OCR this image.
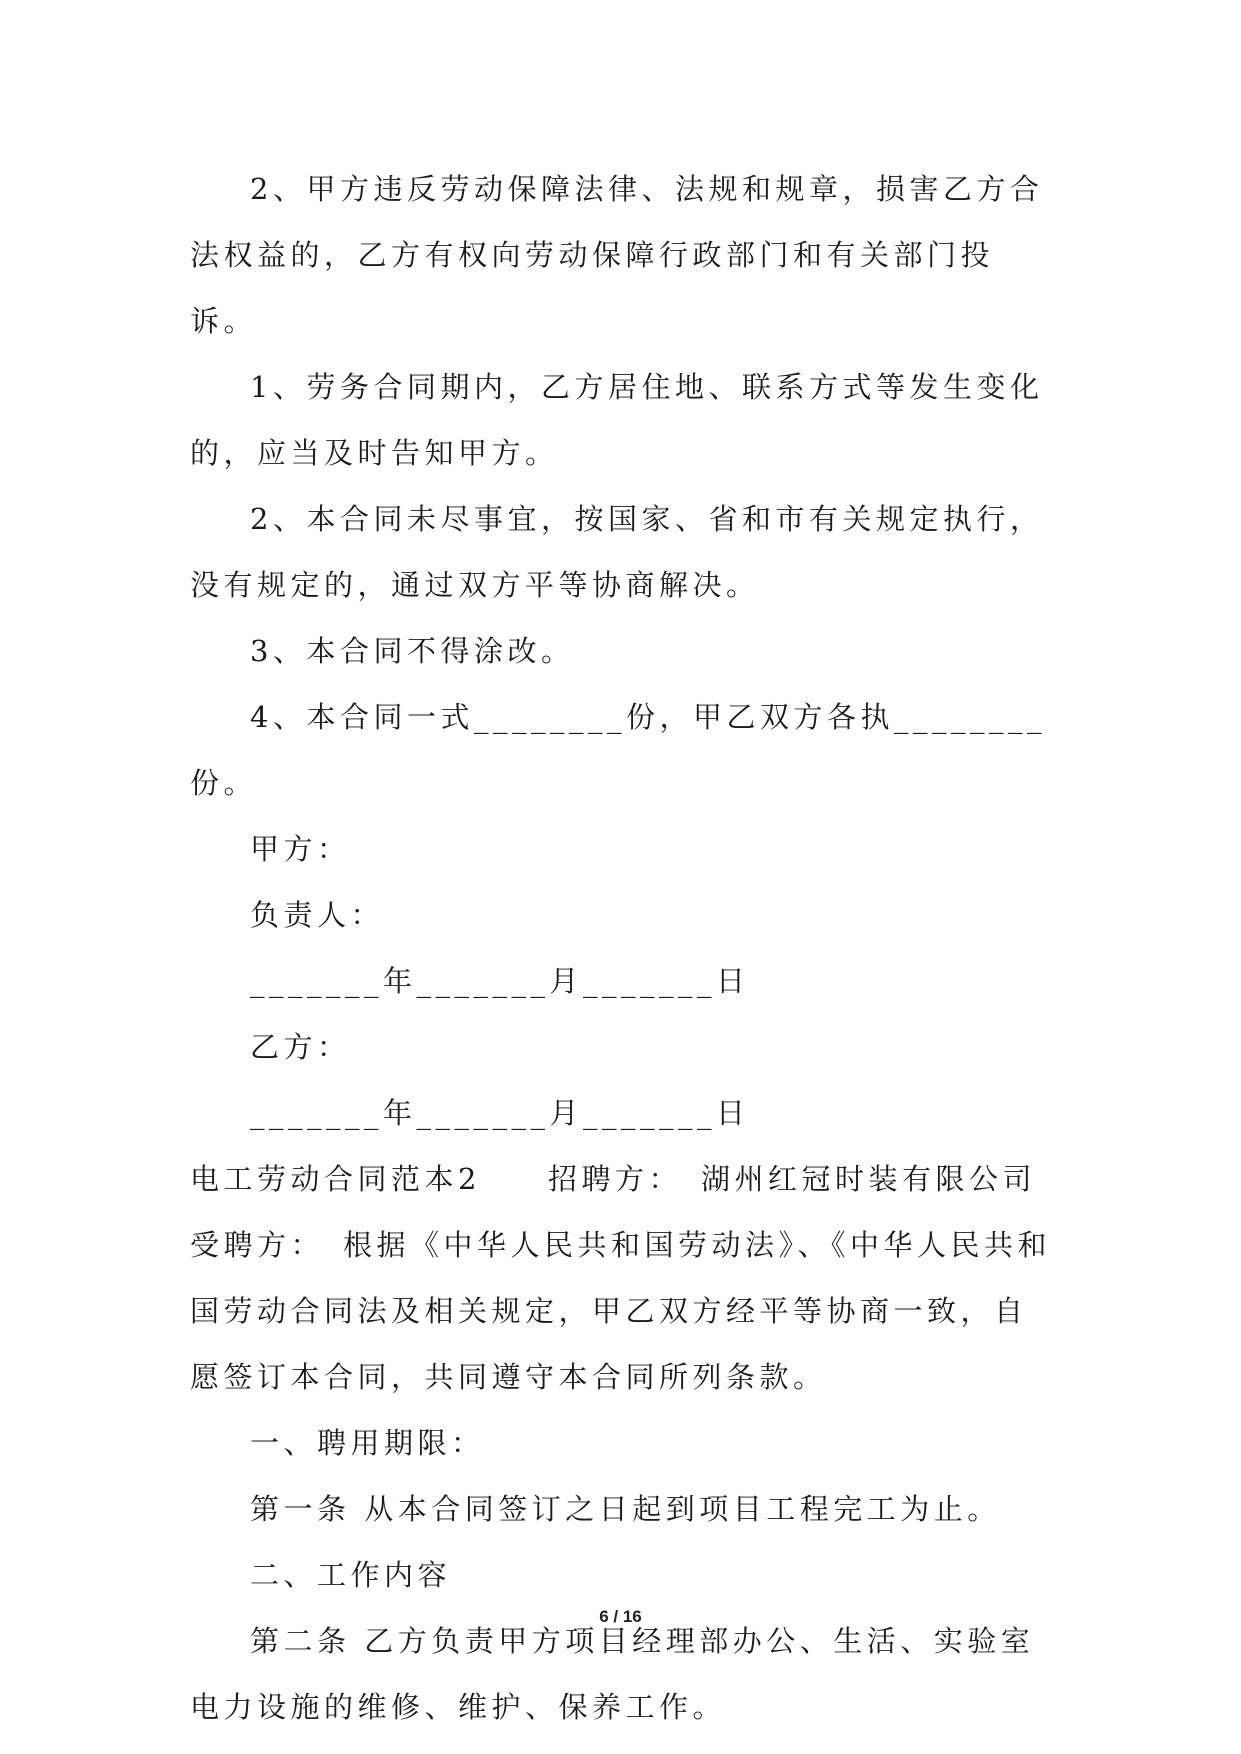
2、甲方违反劳动保障法律、法规和规章，损害乙方合法权益的，乙方有权向劳动保障行政部门和有关部门投诉。

1、劳务合同期内，乙方居住地、联系方式等发生变化的，应当及时告知甲方。

2、本合同未尽事宜，按国家、省和市有关规定执行，没有规定的，通过双方平等协商解决。

3、本合同不得涂改。

4、本合同一式________份，甲乙双方各执________份。

甲方：

负责人：

_______年_______月_______日

乙方：

_______年_______月_______日

电工劳动合同范本2　　招聘方：　湖州红冠时装有限公司　受聘方：　根据《中华人民共和国劳动法》、《中华人民共和国劳动合同法及相关规定，甲乙双方经平等协商一致，自愿签订本合同，共同遵守本合同所列条款。

一、聘用期限：

第一条 从本合同签订之日起到项目工程完工为止。

二、工作内容

第二条 乙方负责甲方项目经理部办公、生活、实验室电力设施的维修、维护、保养工作。

6 / 16
